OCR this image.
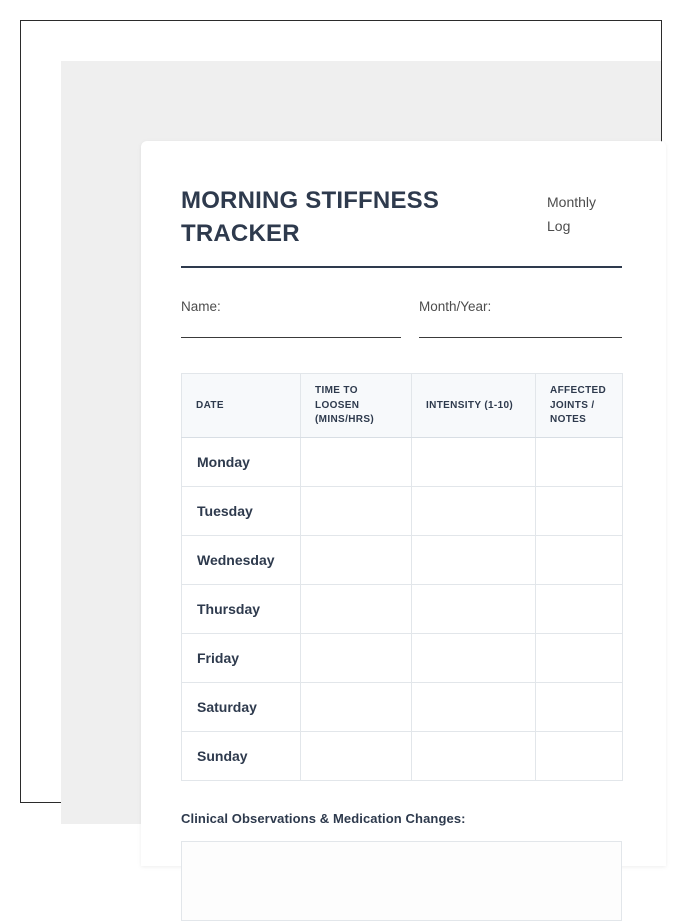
MORNING STIFFNESS TRACKER
Monthly Log
Name:	Month/Year:
DATE	TIME TO LOOSEN (MINS/HRS)	INTENSITY (1-10)	AFFECTED JOINTS / NOTES
Monday			
Tuesday			
Wednesday			
Thursday			
Friday			
Saturday			
Sunday			
Clinical Observations & Medication Changes:
